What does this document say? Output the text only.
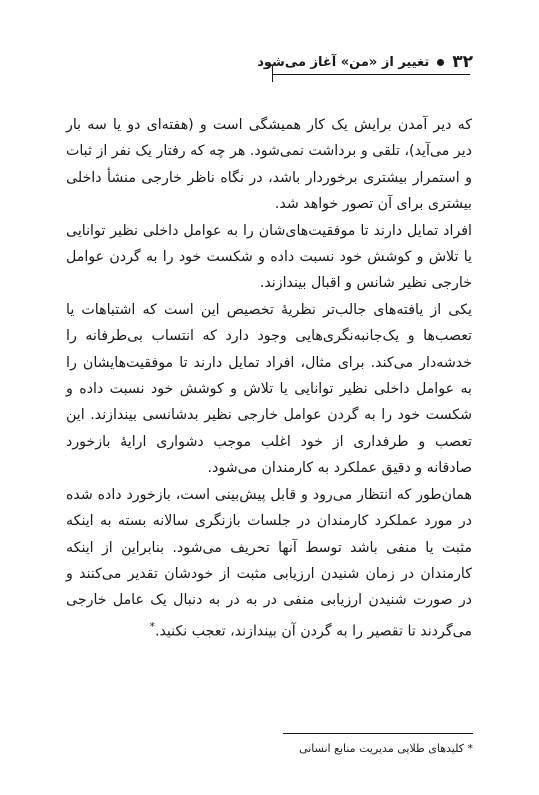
۳۲
تغییر از «من» آغاز می‌شود

که دیر آمدن برایش یک کار همیشگی است و (هفته‌ای دو یا سه بار دیر می‌آید)، تلقی و برداشت نمی‌شود. هر چه که رفتار یک نفر از ثبات و استمرار بیشتری برخوردار باشد، در نگاه ناظر خارجی منشأ داخلی بیشتری برای آن تصور خواهد شد.

افراد تمایل دارند تا موفقیت‌های‌شان را به عوامل داخلی نظیر توانایی یا تلاش و کوشش خود نسبت داده و شکست خود را به گردن عوامل خارجی نظیر شانس و اقبال بیندازند.

یکی از یافته‌های جالب‌تر نظریهٔ تخصیص این است که اشتباهات یا تعصب‌ها و یک‌جانبه‌نگری‌هایی وجود دارد که انتساب بی‌طرفانه را خدشه‌دار می‌کند. برای مثال، افراد تمایل دارند تا موفقیت‌هایشان را به عوامل داخلی نظیر توانایی یا تلاش و کوشش خود نسبت داده و شکست خود را به گردن عوامل خارجی نظیر بدشانسی بیندازند. این تعصب و طرفداری از خود اغلب موجب دشواری ارایهٔ بازخورد صادقانه و دقیق عملکرد به کارمندان می‌شود.

همان‌طور که انتظار می‌رود و قابل پیش‌بینی است، بازخورد داده شده در مورد عملکرد کارمندان در جلسات بازنگری سالانه بسته به اینکه مثبت یا منفی باشد توسط آنها تحریف می‌شود. بنابراین از اینکه کارمندان در زمان شنیدن ارزیابی مثبت از خودشان تقدیر می‌کنند و در صورت شنیدن ارزیابی منفی در به در به دنبال یک عامل خارجی می‌گردند تا تقصیر را به گردن آن بیندازند، تعجب نکنید.*

* کلیدهای طلایی مدیریت منابع انسانی
